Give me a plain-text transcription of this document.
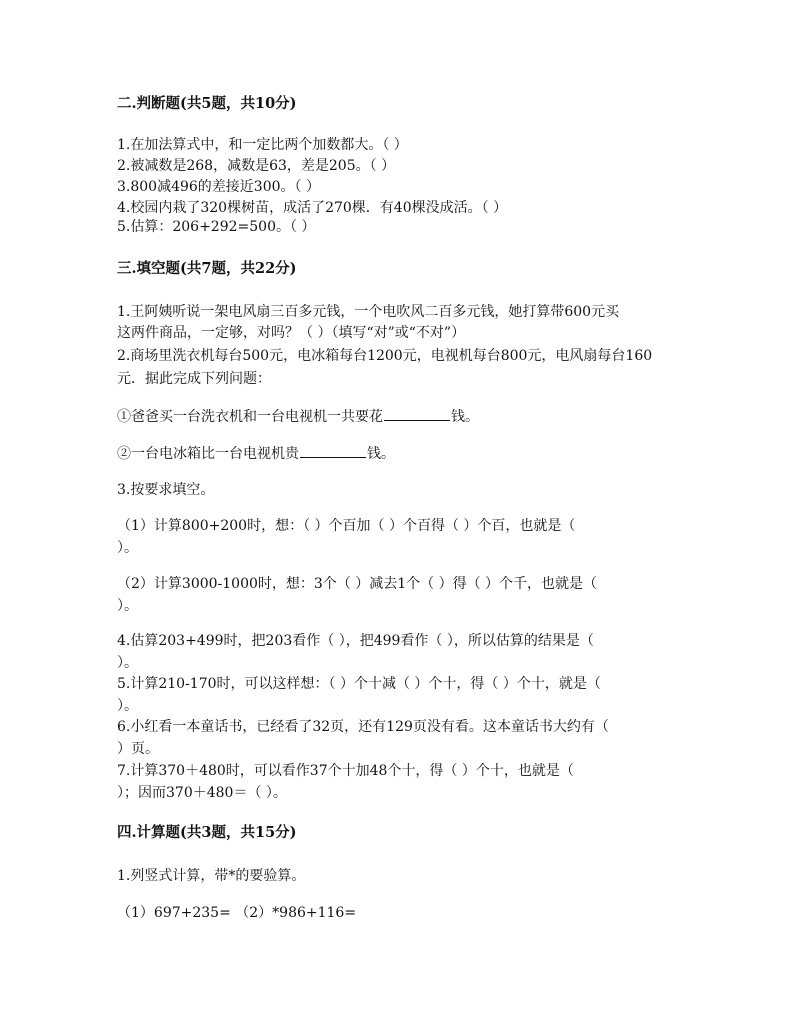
二.判断题(共5题，共10分)
1.在加法算式中，和一定比两个加数都大。（ ）
2.被减数是268，减数是63，差是205。（ ）
3.800减496的差接近300。（ ）
4.校园内栽了320棵树苗，成活了270棵．有40棵没成活。（ ）
5.估算：206+292=500。（ ）
三.填空题(共7题，共22分)
1.王阿姨听说一架电风扇三百多元钱，一个电吹风二百多元钱，她打算带600元买
这两件商品，一定够，对吗？（ ）（填写“对”或“不对”）
2.商场里洗衣机每台500元，电冰箱每台1200元，电视机每台800元，电风扇每台160
元．据此完成下列问题：
①爸爸买一台洗衣机和一台电视机一共要花	钱。
②一台电冰箱比一台电视机贵	钱。
3.按要求填空。
（1）计算800+200时，想：（ ）个百加（ ）个百得（ ）个百，也就是（
）。
（2）计算3000-1000时，想：3个（ ）减去1个（ ）得（ ）个千，也就是（
）。
4.估算203+499时，把203看作（ ），把499看作（ ），所以估算的结果是（
）。
5.计算210-170时，可以这样想：（ ）个十减（ ）个十，得（ ）个十，就是（
）。
6.小红看一本童话书，已经看了32页，还有129页没有看。这本童话书大约有（
）页。
7.计算370＋480时，可以看作37个十加48个十，得（ ）个十，也就是（
）；因而370＋480＝（ ）。
四.计算题(共3题，共15分)
1.列竖式计算，带*的要验算。
（1）697+235= （2）*986+116=
